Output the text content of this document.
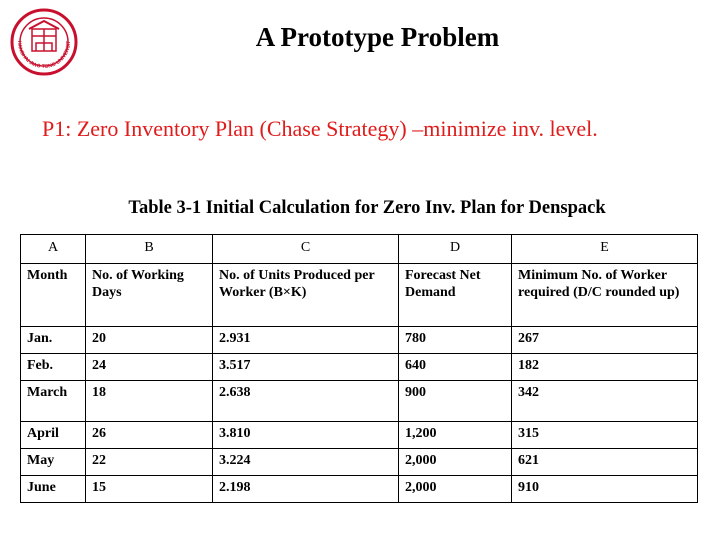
HANGHAI JIAO TONG UNIVERSIT	A Prototype Problem
P1: Zero Inventory Plan (Chase Strategy) –minimize inv. level.
Table 3-1 Initial Calculation for Zero Inv. Plan for Denspack
A	B	C	D	E
Month	No. of Working Days	No. of Units Produced per Worker (B×K)	Forecast Net Demand	Minimum No. of Worker required (D/C rounded up)
Jan.	20	2.931	780	267
Feb.	24	3.517	640	182
March	18	2.638	900	342
April	26	3.810	1,200	315
May	22	3.224	2,000	621
June	15	2.198	2,000	910
